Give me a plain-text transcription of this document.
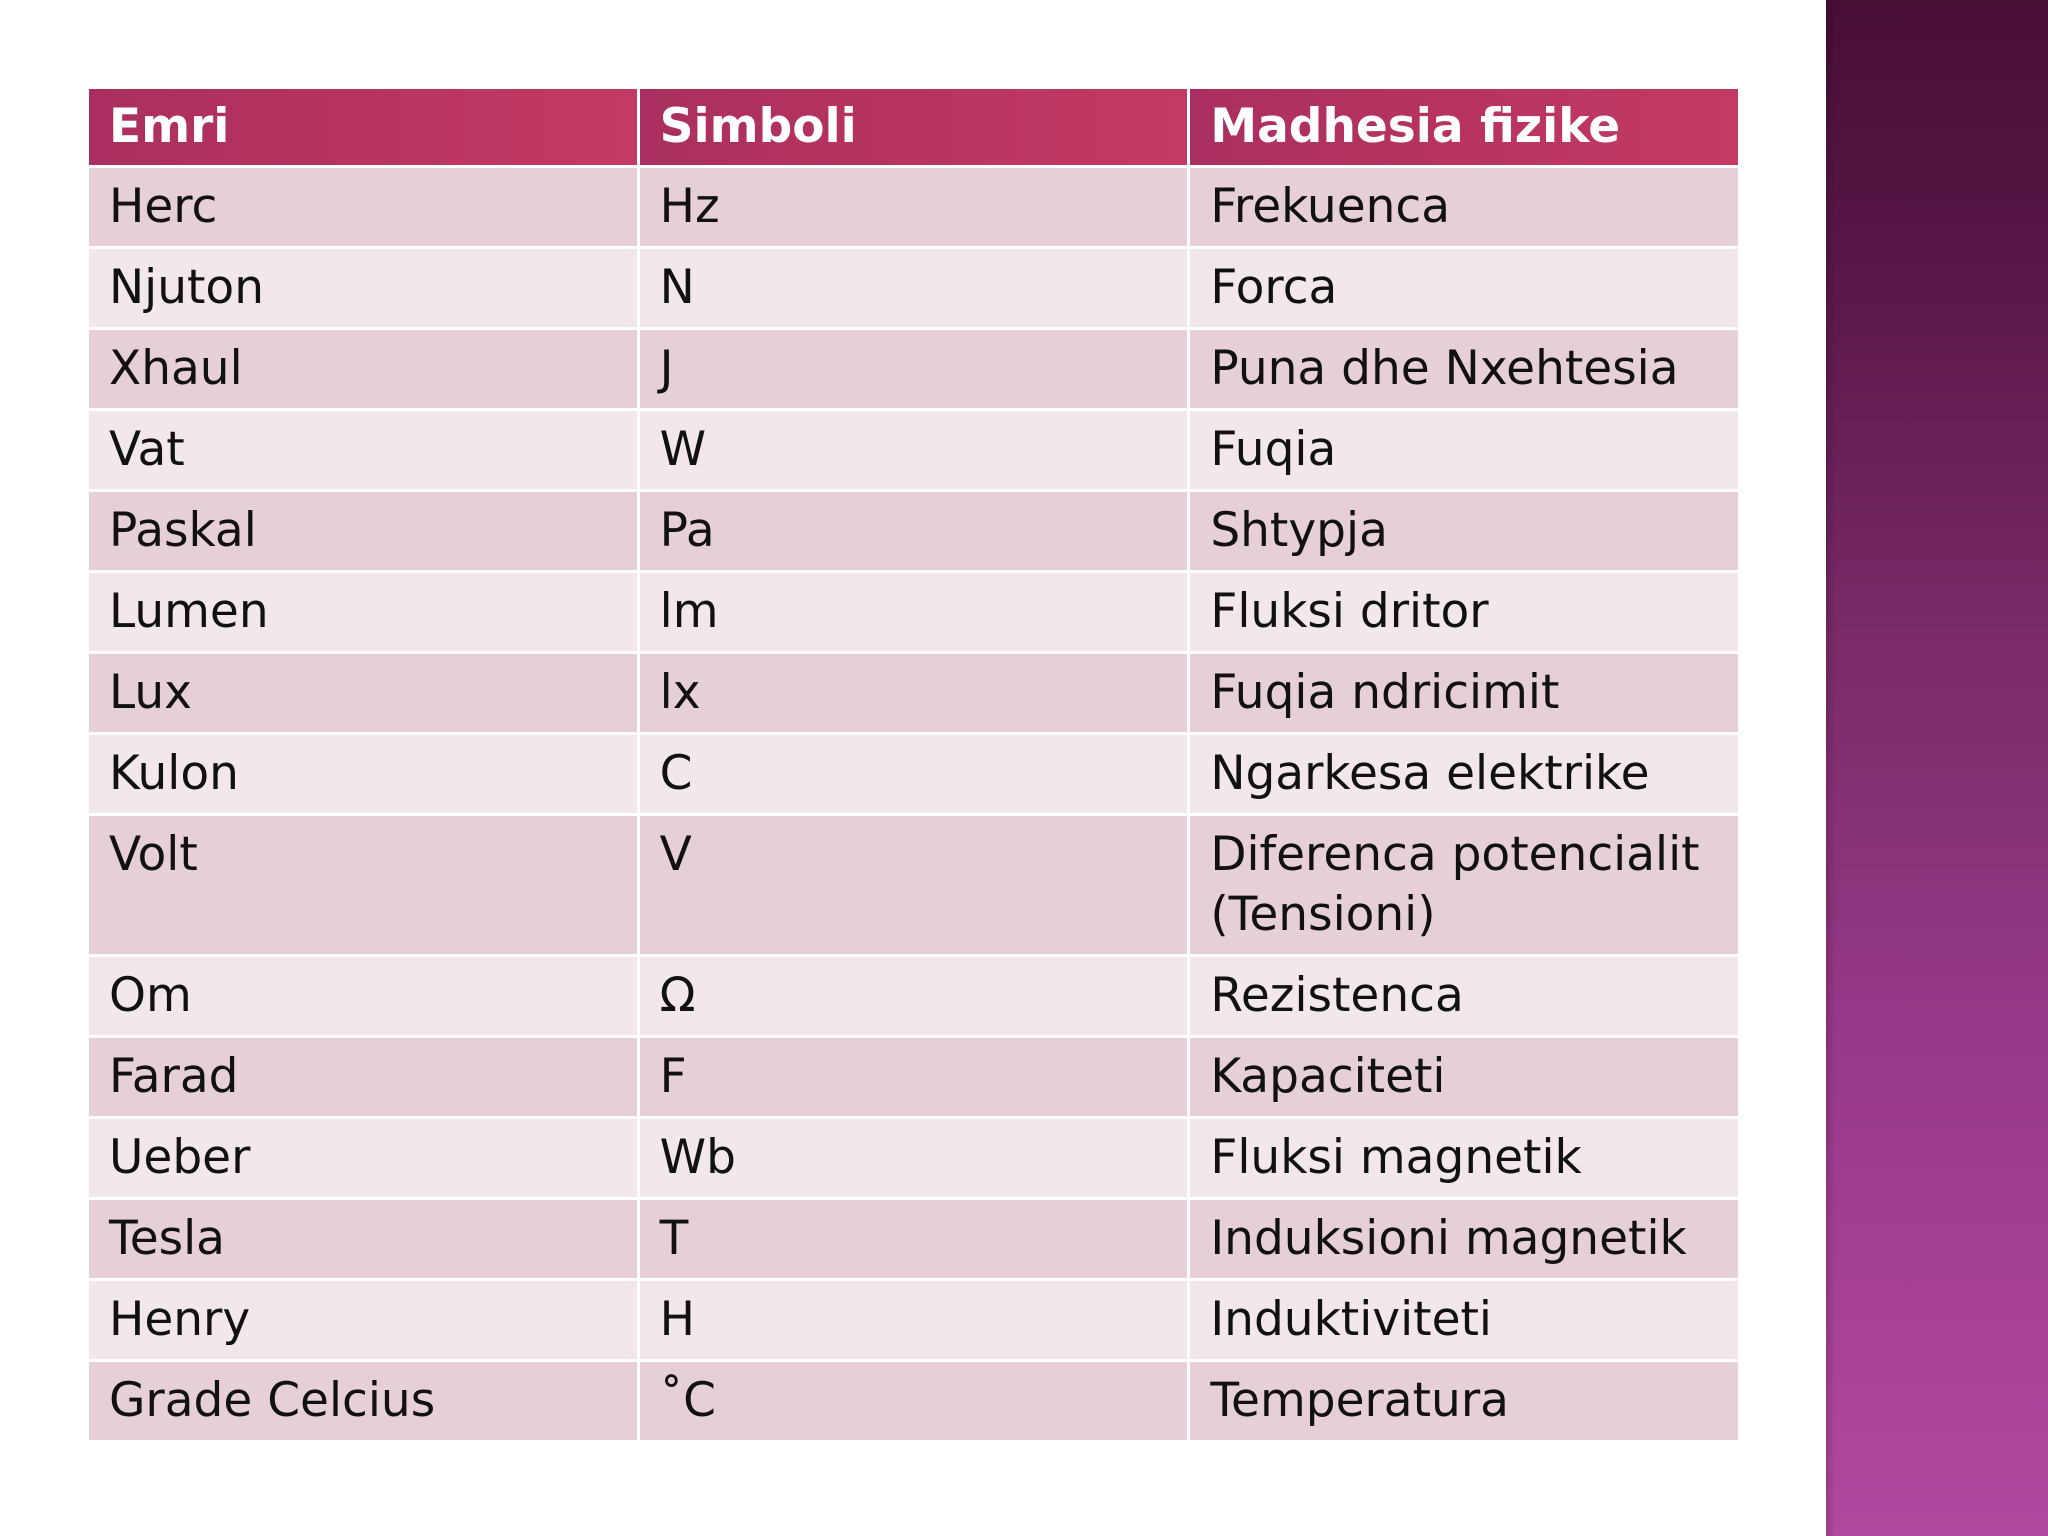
Emri	Simboli	Madhesia fizike
Herc	Hz	Frekuenca
Njuton	N	Forca
Xhaul	J	Puna dhe Nxehtesia
Vat	W	Fuqia
Paskal	Pa	Shtypja
Lumen	lm	Fluksi dritor
Lux	lx	Fuqia ndricimit
Kulon	C	Ngarkesa elektrike
Volt	V	Diferenca potencialit (Tensioni)
Om	Ω	Rezistenca
Farad	F	Kapaciteti
Ueber	Wb	Fluksi magnetik
Tesla	T	Induksioni magnetik
Henry	H	Induktiviteti
Grade Celcius	˚C	Temperatura
